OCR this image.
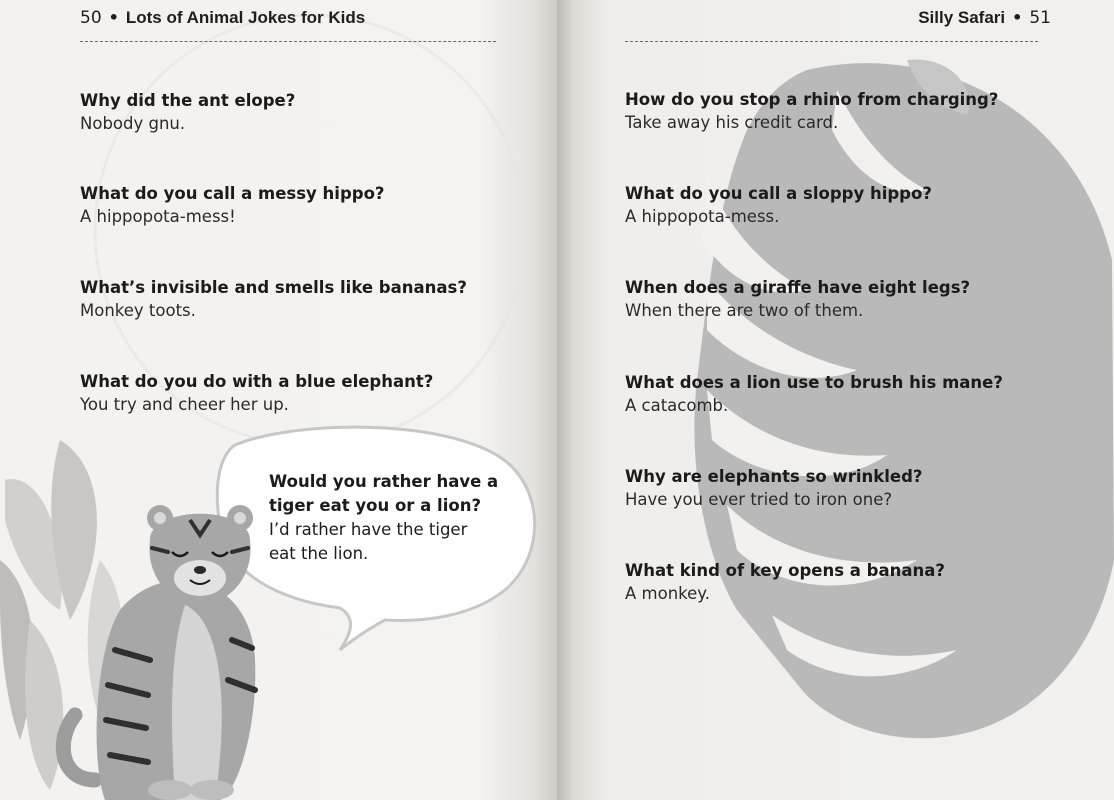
50 • Lots of Animal Jokes for Kids
Why did the ant elope?
Nobody gnu.
What do you call a messy hippo?
A hippopota-mess!
What’s invisible and smells like bananas?
Monkey toots.
What do you do with a blue elephant?
You try and cheer her up.
Would you rather have a
tiger eat you or a lion?
I’d rather have the tiger
eat the lion.
Silly Safari • 51
How do you stop a rhino from charging?
Take away his credit card.
What do you call a sloppy hippo?
A hippopota-mess.
When does a giraffe have eight legs?
When there are two of them.
What does a lion use to brush his mane?
A catacomb.
Why are elephants so wrinkled?
Have you ever tried to iron one?
What kind of key opens a banana?
A monkey.
